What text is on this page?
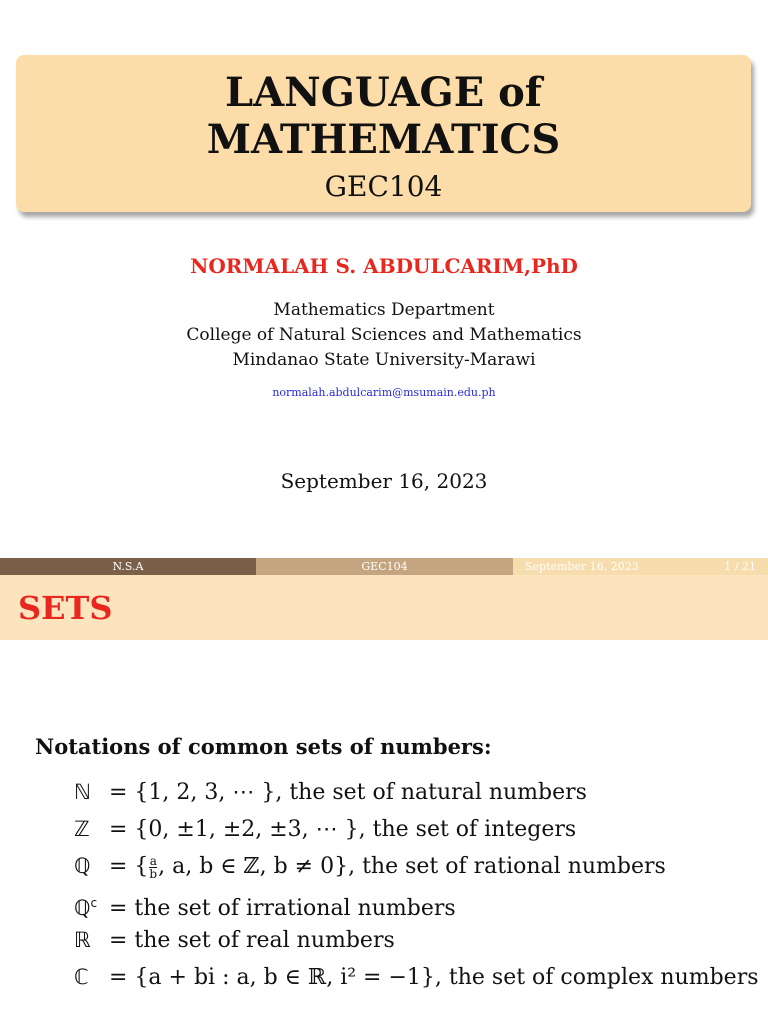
LANGUAGE of
MATHEMATICS
GEC104
NORMALAH S. ABDULCARIM,PhD
Mathematics Department
College of Natural Sciences and Mathematics
Mindanao State University-Marawi
normalah.abdulcarim@msumain.edu.ph
September 16, 2023
N.S.A	GEC104	September 16, 2023	1 / 21
SETS
Notations of common sets of numbers:
ℕ = {1, 2, 3, ⋯ }, the set of natural numbers
ℤ = {0, ±1, ±2, ±3, ⋯ }, the set of integers
ℚ = { $\frac{a}{b}$ , a, b ∈ ℤ, b ≠ 0}, the set of rational numbers
ℚ$^c$ = the set of irrational numbers
ℝ = the set of real numbers
ℂ = {a + bi : a, b ∈ ℝ, i² = −1}, the set of complex numbers
